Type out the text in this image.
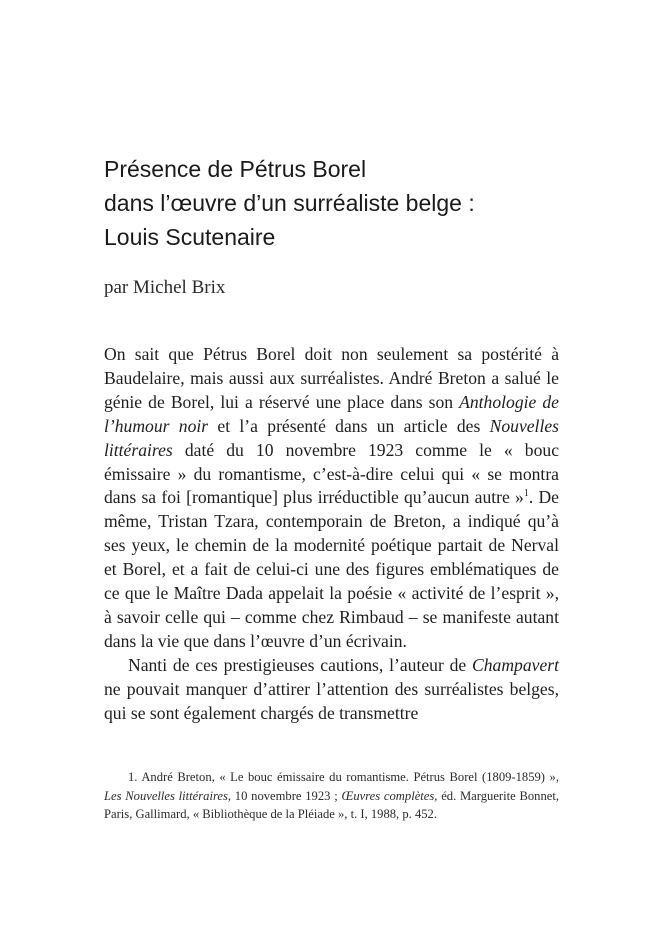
Présence de Pétrus Borel
dans l’œuvre d’un surréaliste belge :
Louis Scutenaire
par Michel Brix

On sait que Pétrus Borel doit non seulement sa postérité à Baudelaire, mais aussi aux surréalistes. André Breton a salué le génie de Borel, lui a réservé une place dans son Anthologie de l’humour noir et l’a présenté dans un article des Nouvelles littéraires daté du 10 novembre 1923 comme le « bouc émissaire » du romantisme, c’est-à-dire celui qui « se montra dans sa foi [romantique] plus irréductible qu’aucun autre »$^1$. De même, Tristan Tzara, contemporain de Breton, a indiqué qu’à ses yeux, le chemin de la modernité poétique partait de Nerval et Borel, et a fait de celui-ci une des figures emblématiques de ce que le Maître Dada appelait la poésie « activité de l’esprit », à savoir celle qui – comme chez Rimbaud – se manifeste autant dans la vie que dans l’œuvre d’un écrivain.

Nanti de ces prestigieuses cautions, l’auteur de Champavert ne pouvait manquer d’attirer l’attention des surréalistes belges, qui se sont également chargés de transmettre

1. André Breton, « Le bouc émissaire du romantisme. Pétrus Borel (1809-1859) », Les Nouvelles littéraires, 10 novembre 1923 ; Œuvres complètes, éd. Marguerite Bonnet, Paris, Gallimard, « Bibliothèque de la Pléiade », t. I, 1988, p. 452.
